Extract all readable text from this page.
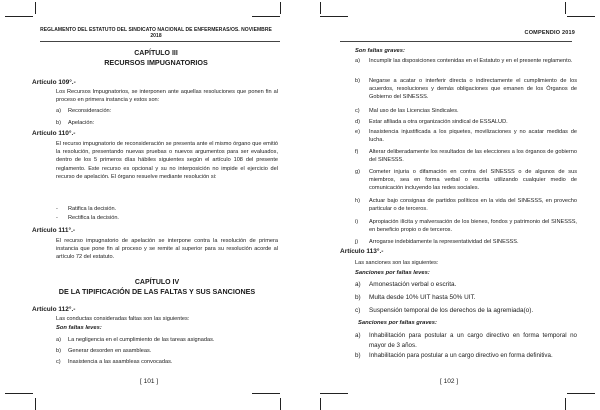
REGLAMENTO DEL ESTATUTO DEL SINDICATO NACIONAL DE ENFERMERAS/OS. NOVIEMBRE 2018
CAPÍTULO III
RECURSOS IMPUGNATORIOS
Artículo 109°.-
Los Recursos Impugnatorios, se interponen ante aquellas resoluciones que ponen fin al proceso en primera instancia y estos son:
a)	Reconsideración:
b)	Apelación:
Artículo 110°.-
El recurso impugnatorio de reconsideración se presenta ante el mismo órgano que emitió la resolución, presentando nuevas pruebas o nuevos argumentos para ser evaluados, dentro de los 5 primeros días hábiles siguientes según el artículo 108 del presente reglamento. Este recurso es opcional y su no interposición no impide el ejercicio del recurso de apelación. El órgano resuelve mediante resolución si:
-	Ratifica la decisión.
-	Rectifica la decisión.
Artículo 111°.-
El recurso impugnatorio de apelación se interpone contra la resolución de primera instancia que pone fin al proceso y se remite al superior para su resolución acorde al artículo 72 del estatuto.
CAPÍTULO IV
DE LA TIPIFICACIÓN DE LAS FALTAS Y SUS SANCIONES
Artículo 112°.-
Las conductas consideradas faltas son las siguientes:
Son faltas leves:
a)	La negligencia en el cumplimiento de las tareas asignadas.
b)	Generar desorden en asambleas.
c)	Inasistencia a las asambleas convocadas.
[ 101 ]
COMPENDIO 2019
Son faltas graves:
a)	Incumplir las disposiciones contenidas en el Estatuto y en el presente reglamento.
b)	Negarse a acatar o interferir directa o indirectamente el cumplimiento de los acuerdos, resoluciones y demás obligaciones que emanen de los Órganos de Gobierno del SINESSS.
c)	Mal uso de las Licencias Sindicales.
d)	Estar afiliada a otra organización sindical de ESSALUD.
e)	Inasistencia injustificada a los piquetes, movilizaciones y no acatar medidas de lucha.
f)	Alterar deliberadamente los resultados de las elecciones a los órganos de gobierno del SINESSS.
g)	Cometer injuria o difamación en contra del SINESSS o de algunos de sus miembros, sea en forma verbal o escrita utilizando cualquier medio de comunicación incluyendo las redes sociales.
h)	Actuar bajo consignas de partidos políticos en la vida del SINESSS, en provecho particular o de terceros.
i)	Apropiación ilícita y malversación de los bienes, fondos y patrimonio del SINESSS, en beneficio propio o de terceros.
j)	Arrogarse indebidamente la representatividad del SINESSS.
Artículo 113°.-
Las sanciones son las siguientes:
Sanciones por faltas leves:
a)	Amonestación verbal o escrita.
b)	Multa desde 10% UIT hasta 50% UIT.
c)	Suspensión temporal de los derechos de la agremiada(o).
Sanciones por faltas graves:
a)	Inhabilitación para postular a un cargo directivo en forma temporal no mayor de 3 años.
b)	Inhabilitación para postular a un cargo directivo en forma definitiva.
[ 102 ]
